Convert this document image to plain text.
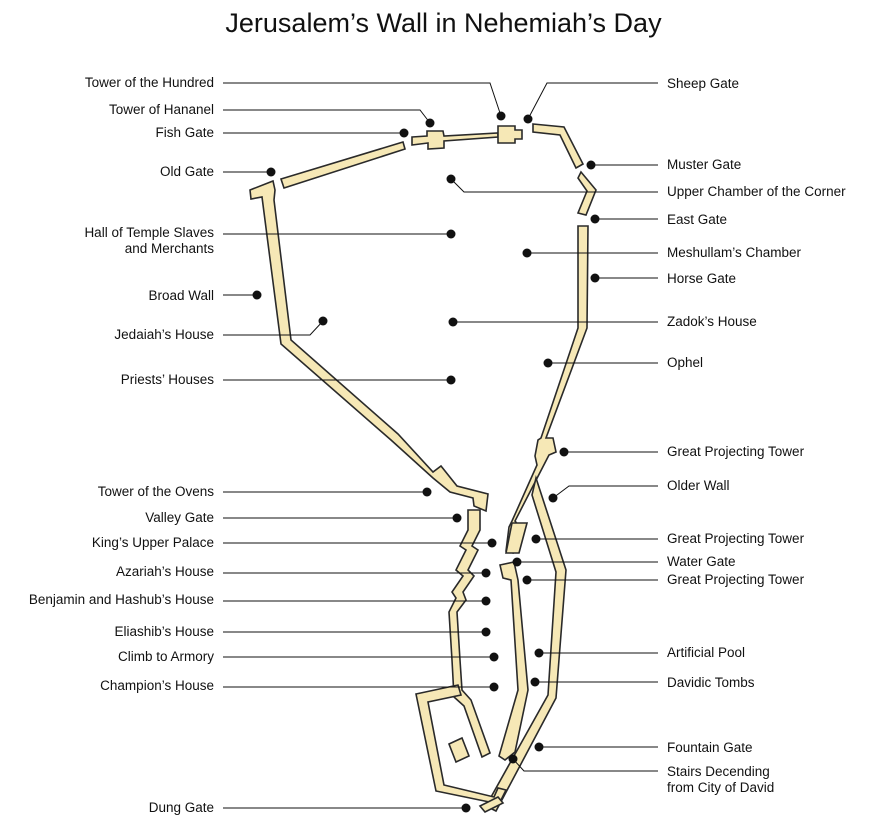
Jerusalem’s Wall in Nehemiah’s Day
Tower of the Hundred
Tower of Hananel
Fish Gate
Old Gate
Hall of Temple Slaves
and Merchants
Broad Wall
Jedaiah’s House
Priests’ Houses
Tower of the Ovens
Valley Gate
King’s Upper Palace
Azariah’s House
Benjamin and Hashub’s House
Eliashib’s House
Climb to Armory
Champion’s House
Dung Gate
Sheep Gate
Muster Gate
Upper Chamber of the Corner
East Gate
Meshullam’s Chamber
Horse Gate
Zadok’s House
Ophel
Great Projecting Tower
Older Wall
Great Projecting Tower
Water Gate
Great Projecting Tower
Artificial Pool
Davidic Tombs
Fountain Gate
Stairs Decending
from City of David
